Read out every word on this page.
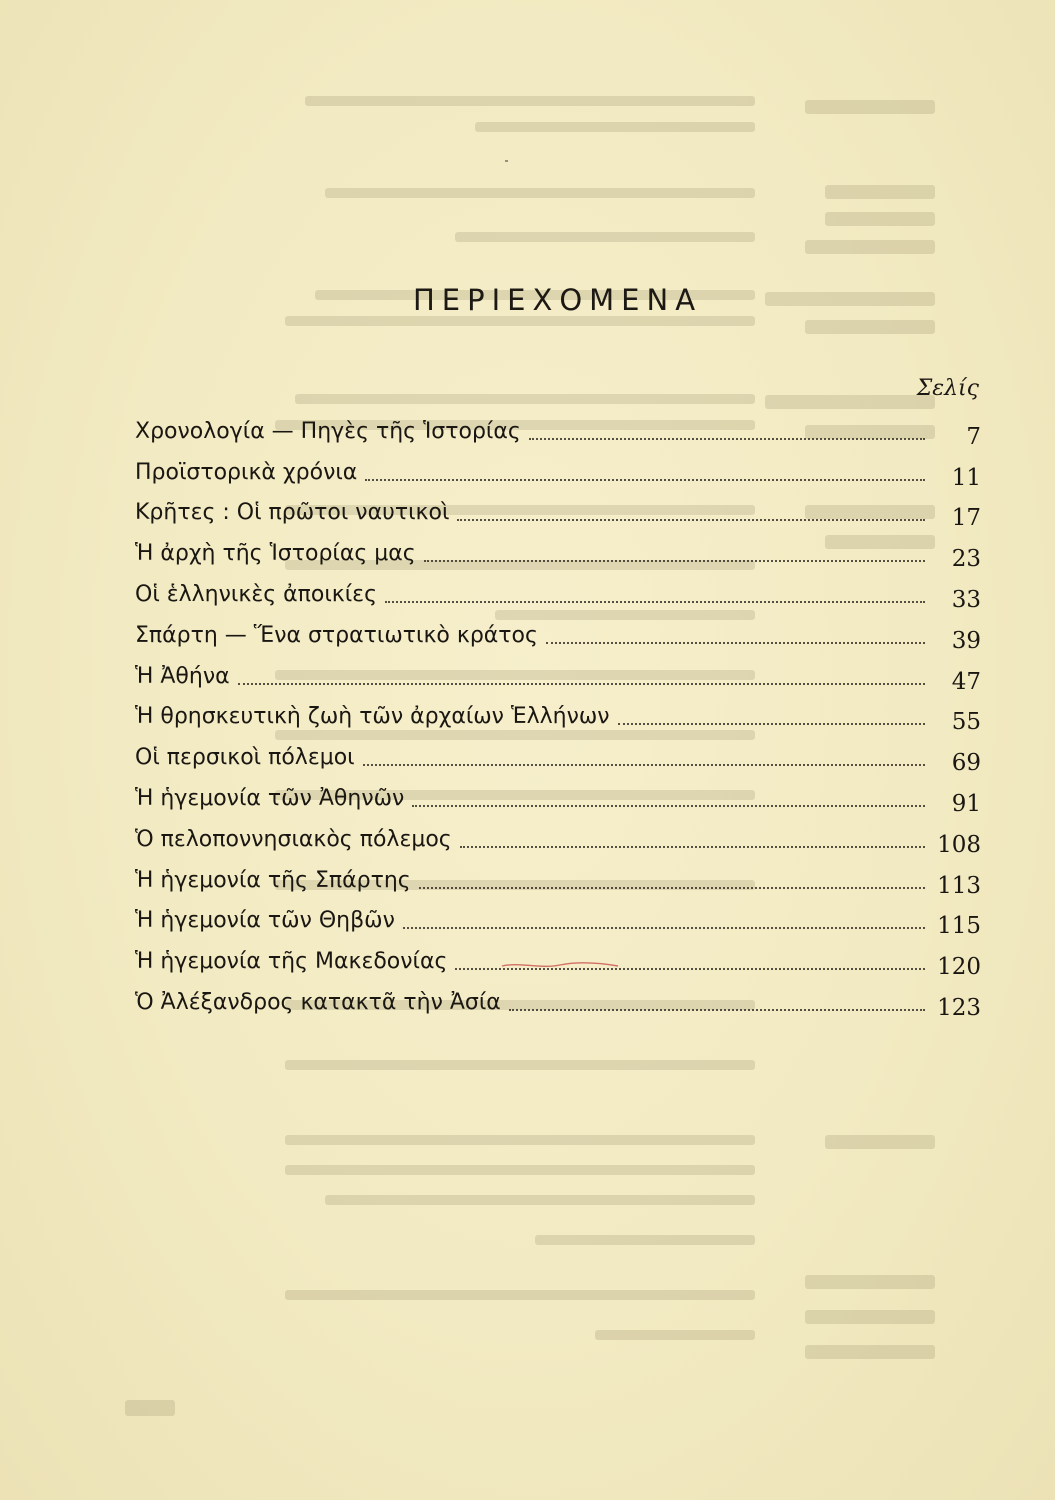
ΠΕΡΙΕΧΟΜΕΝΑ
Σελίς
Χρονολογία — Πηγὲς τῆς Ἱστορίας	7
Προϊστορικὰ χρόνια	11
Κρῆτες : Οἱ πρῶτοι ναυτικοὶ	17
Ἡ ἀρχὴ τῆς Ἱστορίας μας	23
Οἱ ἑλληνικὲς ἀποικίες	33
Σπάρτη — Ἕνα στρατιωτικὸ κράτος	39
Ἡ Ἀθήνα	47
Ἡ θρησκευτικὴ ζωὴ τῶν ἀρχαίων Ἑλλήνων	55
Οἱ περσικοὶ πόλεμοι	69
Ἡ ἡγεμονία τῶν Ἀθηνῶν	91
Ὁ πελοποννησιακὸς πόλεμος	108
Ἡ ἡγεμονία τῆς Σπάρτης	113
Ἡ ἡγεμονία τῶν Θηβῶν	115
Ἡ ἡγεμονία τῆς Μακεδονίας	120
Ὁ Ἀλέξανδρος κατακτᾶ τὴν Ἀσία	123
